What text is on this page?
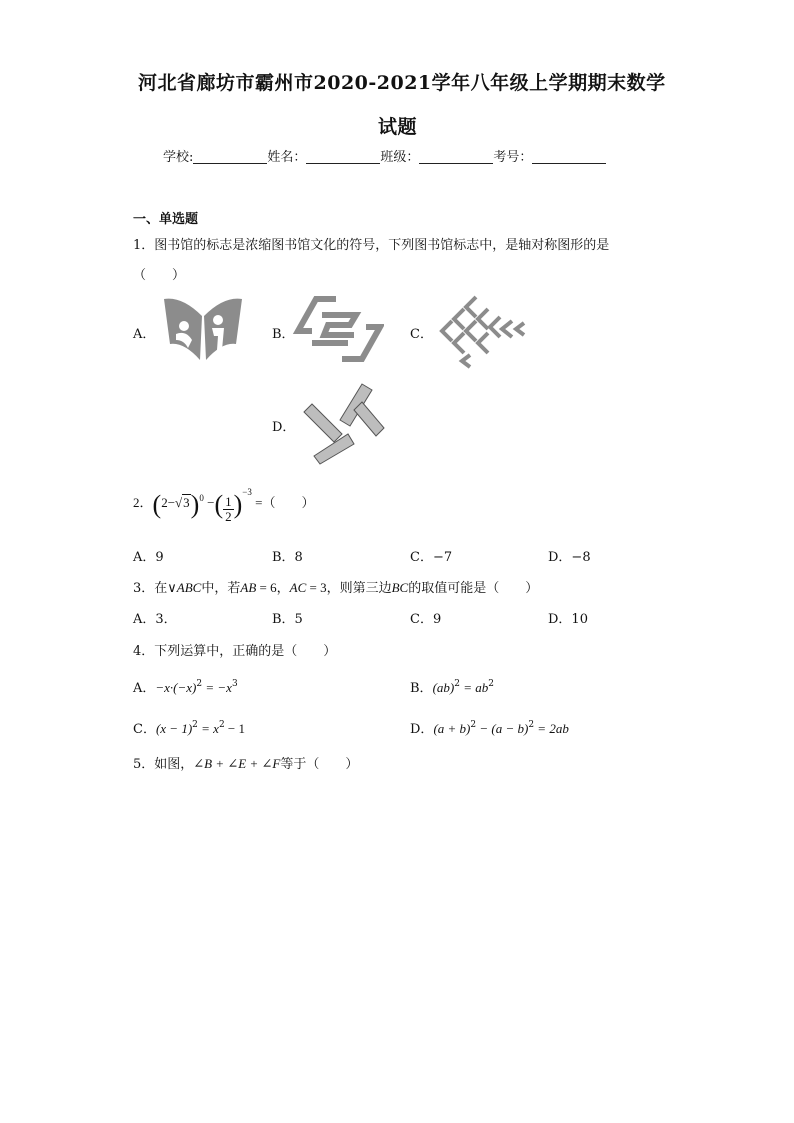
河北省廊坊市霸州市2020-2021学年八年级上学期期末数学
试题
学校:	姓名：	班级：	考号：
一、单选题
1．图书馆的标志是浓缩图书馆文化的符号，下列图书馆标志中，是轴对称图形的是
（　　）
A．	B．	C．
D．
2．$(2-√3)^0$ −( $\frac{1}{2} )^{-3}$ =（　　）
A．9	B．8	C．−7	D．−8
3．在∨ABC中，若AB = 6，AC = 3，则第三边BC的取值可能是（　　）
A．3．	B．5	C．9	D．10
4．下列运算中，正确的是（　　）
A．$-x\cdot(-x)^2 = -x^3$	B．$(ab)^2 = ab^2$
C．$(x - 1)^2 = x^2 - 1$	D．$(a + b)^2 - (a - b)^2 = 2ab$
5．如图，∠B + ∠E + ∠F等于（　　）
